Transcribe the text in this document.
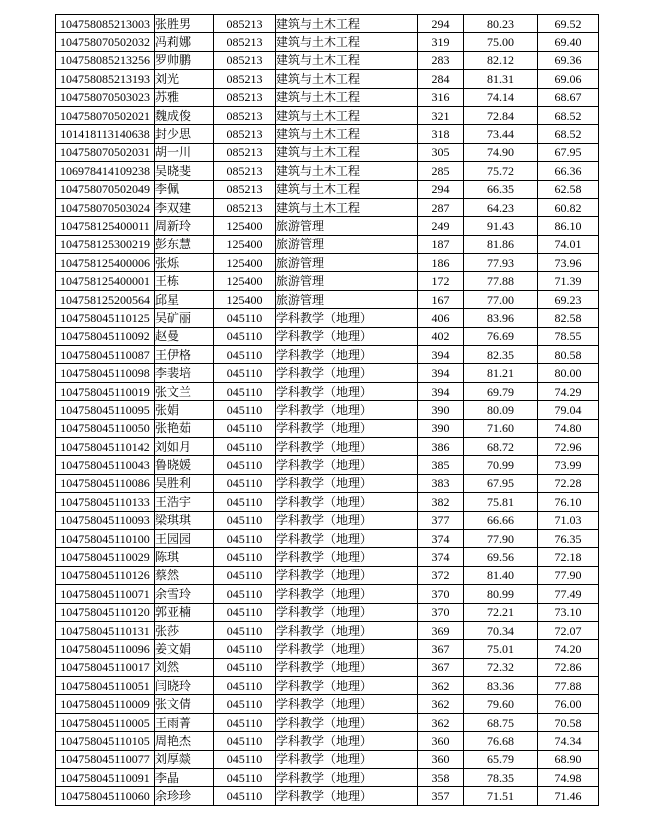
104758085213003	张胜男	085213	建筑与土木工程	294	80.23	69.52
104758070502032	冯莉娜	085213	建筑与土木工程	319	75.00	69.40
104758085213256	罗帅鹏	085213	建筑与土木工程	283	82.12	69.36
104758085213193	刘光	085213	建筑与土木工程	284	81.31	69.06
104758070503023	苏雅	085213	建筑与土木工程	316	74.14	68.67
104758070502021	魏成俊	085213	建筑与土木工程	321	72.84	68.52
101418113140638	封少思	085213	建筑与土木工程	318	73.44	68.52
104758070502031	胡一川	085213	建筑与土木工程	305	74.90	67.95
106978414109238	吴晓斐	085213	建筑与土木工程	285	75.72	66.36
104758070502049	李佩	085213	建筑与土木工程	294	66.35	62.58
104758070503024	李双建	085213	建筑与土木工程	287	64.23	60.82
104758125400011	周新玲	125400	旅游管理	249	91.43	86.10
104758125300219	彭东慧	125400	旅游管理	187	81.86	74.01
104758125400006	张烁	125400	旅游管理	186	77.93	73.96
104758125400001	王栋	125400	旅游管理	172	77.88	71.39
104758125200564	邱星	125400	旅游管理	167	77.00	69.23
104758045110125	吴矿丽	045110	学科教学（地理）	406	83.96	82.58
104758045110092	赵曼	045110	学科教学（地理）	402	76.69	78.55
104758045110087	王伊格	045110	学科教学（地理）	394	82.35	80.58
104758045110098	李裴培	045110	学科教学（地理）	394	81.21	80.00
104758045110019	张文兰	045110	学科教学（地理）	394	69.79	74.29
104758045110095	张娟	045110	学科教学（地理）	390	80.09	79.04
104758045110050	张艳茹	045110	学科教学（地理）	390	71.60	74.80
104758045110142	刘如月	045110	学科教学（地理）	386	68.72	72.96
104758045110043	鲁晓媛	045110	学科教学（地理）	385	70.99	73.99
104758045110086	吴胜利	045110	学科教学（地理）	383	67.95	72.28
104758045110133	王浩宇	045110	学科教学（地理）	382	75.81	76.10
104758045110093	梁琪琪	045110	学科教学（地理）	377	66.66	71.03
104758045110100	王园园	045110	学科教学（地理）	374	77.90	76.35
104758045110029	陈琪	045110	学科教学（地理）	374	69.56	72.18
104758045110126	蔡然	045110	学科教学（地理）	372	81.40	77.90
104758045110071	余雪玲	045110	学科教学（地理）	370	80.99	77.49
104758045110120	郭亚楠	045110	学科教学（地理）	370	72.21	73.10
104758045110131	张莎	045110	学科教学（地理）	369	70.34	72.07
104758045110096	姜文娟	045110	学科教学（地理）	367	75.01	74.20
104758045110017	刘然	045110	学科教学（地理）	367	72.32	72.86
104758045110051	闫晓玲	045110	学科教学（地理）	362	83.36	77.88
104758045110009	张文倩	045110	学科教学（地理）	362	79.60	76.00
104758045110005	王雨菁	045110	学科教学（地理）	362	68.75	70.58
104758045110105	周艳杰	045110	学科教学（地理）	360	76.68	74.34
104758045110077	刘厚燚	045110	学科教学（地理）	360	65.79	68.90
104758045110091	李晶	045110	学科教学（地理）	358	78.35	74.98
104758045110060	余珍珍	045110	学科教学（地理）	357	71.51	71.46
